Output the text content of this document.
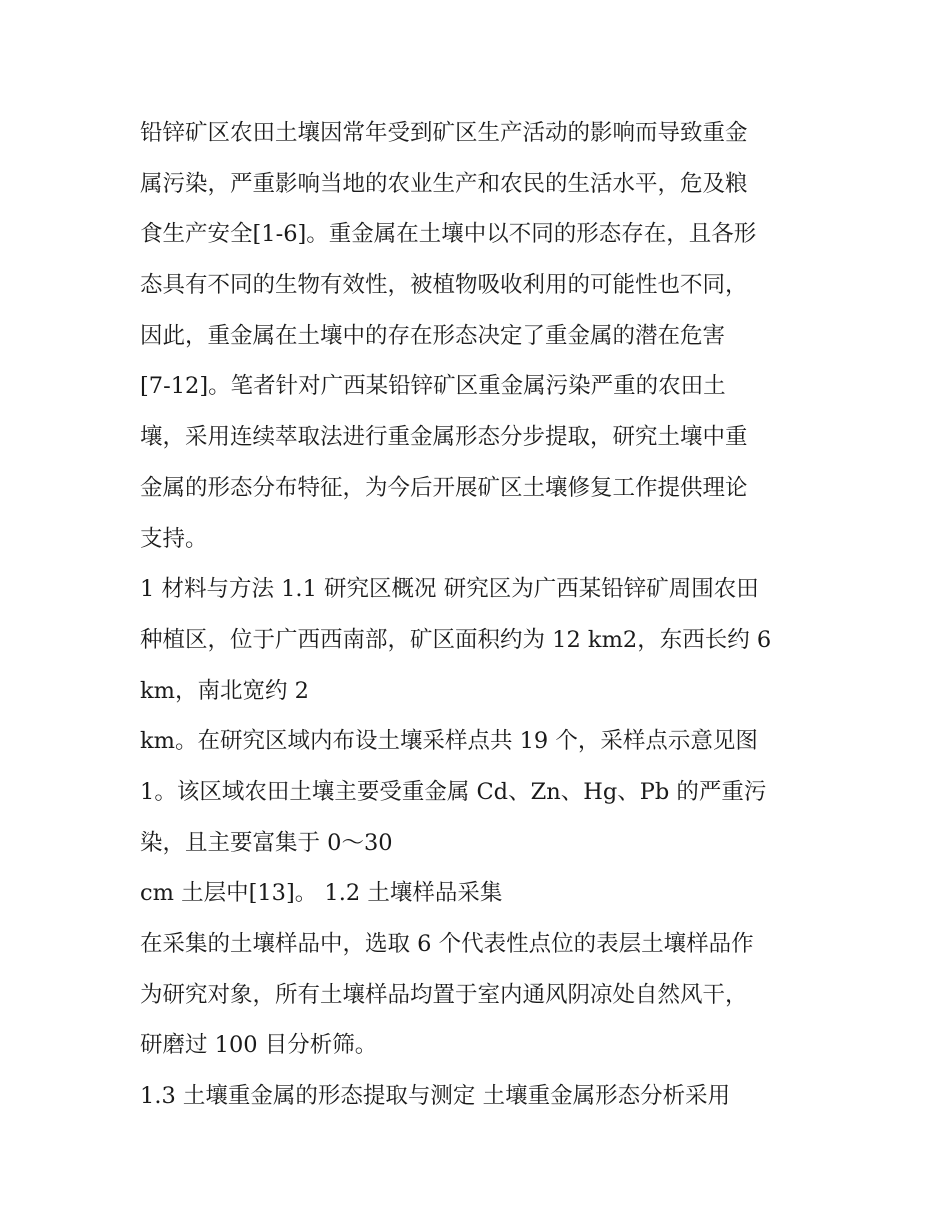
铅锌矿区农田土壤因常年受到矿区生产活动的影响而导致重金
属污染，严重影响当地的农业生产和农民的生活水平，危及粮
食生产安全[1-6]。重金属在土壤中以不同的形态存在，且各形
态具有不同的生物有效性，被植物吸收利用的可能性也不同，
因此，重金属在土壤中的存在形态决定了重金属的潜在危害
[7-12]。笔者针对广西某铅锌矿区重金属污染严重的农田土
壤，采用连续萃取法进行重金属形态分步提取，研究土壤中重
金属的形态分布特征，为今后开展矿区土壤修复工作提供理论
支持。
1 材料与方法 1.1 研究区概况 研究区为广西某铅锌矿周围农田
种植区，位于广西西南部，矿区面积约为 12 km2，东西长约 6
km，南北宽约 2
km。在研究区域内布设土壤采样点共 19 个，采样点示意见图
1。该区域农田土壤主要受重金属 Cd、Zn、Hg、Pb 的严重污
染，且主要富集于 0～30
cm 土层中[13]。 1.2 土壤样品采集
在采集的土壤样品中，选取 6 个代表性点位的表层土壤样品作
为研究对象，所有土壤样品均置于室内通风阴凉处自然风干，
研磨过 100 目分析筛。
1.3 土壤重金属的形态提取与测定 土壤重金属形态分析采用
